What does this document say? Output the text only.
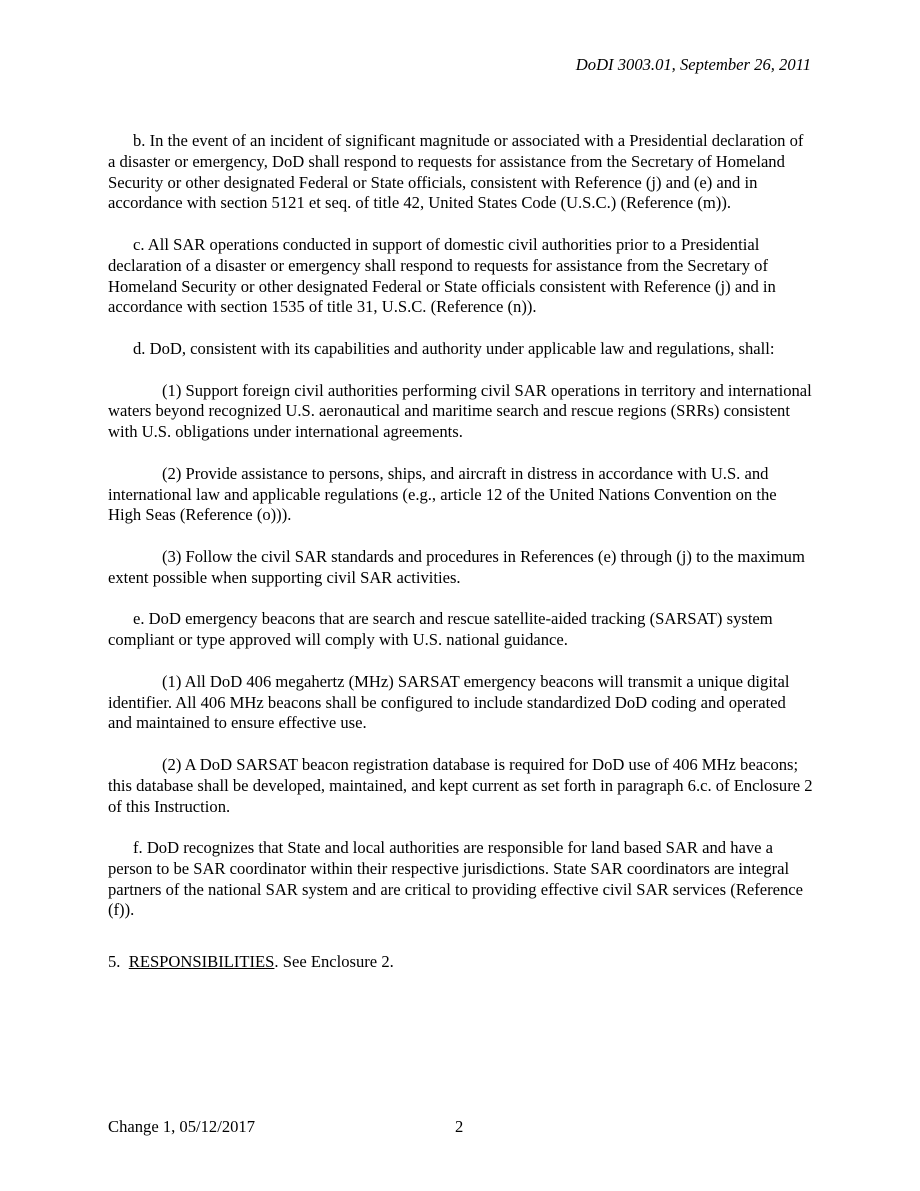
DoDI 3003.01, September 26, 2011

b. In the event of an incident of significant magnitude or associated with a Presidential declaration of a disaster or emergency, DoD shall respond to requests for assistance from the Secretary of Homeland Security or other designated Federal or State officials, consistent with Reference (j) and (e) and in accordance with section 5121 et seq. of title 42, United States Code (U.S.C.) (Reference (m)).

c. All SAR operations conducted in support of domestic civil authorities prior to a Presidential declaration of a disaster or emergency shall respond to requests for assistance from the Secretary of Homeland Security or other designated Federal or State officials consistent with Reference (j) and in accordance with section 1535 of title 31, U.S.C. (Reference (n)).

d. DoD, consistent with its capabilities and authority under applicable law and regulations, shall:

(1) Support foreign civil authorities performing civil SAR operations in territory and international waters beyond recognized U.S. aeronautical and maritime search and rescue regions (SRRs) consistent with U.S. obligations under international agreements.

(2) Provide assistance to persons, ships, and aircraft in distress in accordance with U.S. and international law and applicable regulations (e.g., article 12 of the United Nations Convention on the High Seas (Reference (o))).

(3) Follow the civil SAR standards and procedures in References (e) through (j) to the maximum extent possible when supporting civil SAR activities.

e. DoD emergency beacons that are search and rescue satellite-aided tracking (SARSAT) system compliant or type approved will comply with U.S. national guidance.

(1) All DoD 406 megahertz (MHz) SARSAT emergency beacons will transmit a unique digital identifier. All 406 MHz beacons shall be configured to include standardized DoD coding and operated and maintained to ensure effective use.

(2) A DoD SARSAT beacon registration database is required for DoD use of 406 MHz beacons; this database shall be developed, maintained, and kept current as set forth in paragraph 6.c. of Enclosure 2 of this Instruction.

f. DoD recognizes that State and local authorities are responsible for land based SAR and have a person to be SAR coordinator within their respective jurisdictions. State SAR coordinators are integral partners of the national SAR system and are critical to providing effective civil SAR services (Reference (f)).

5. RESPONSIBILITIES. See Enclosure 2.

Change 1, 05/12/2017	2
